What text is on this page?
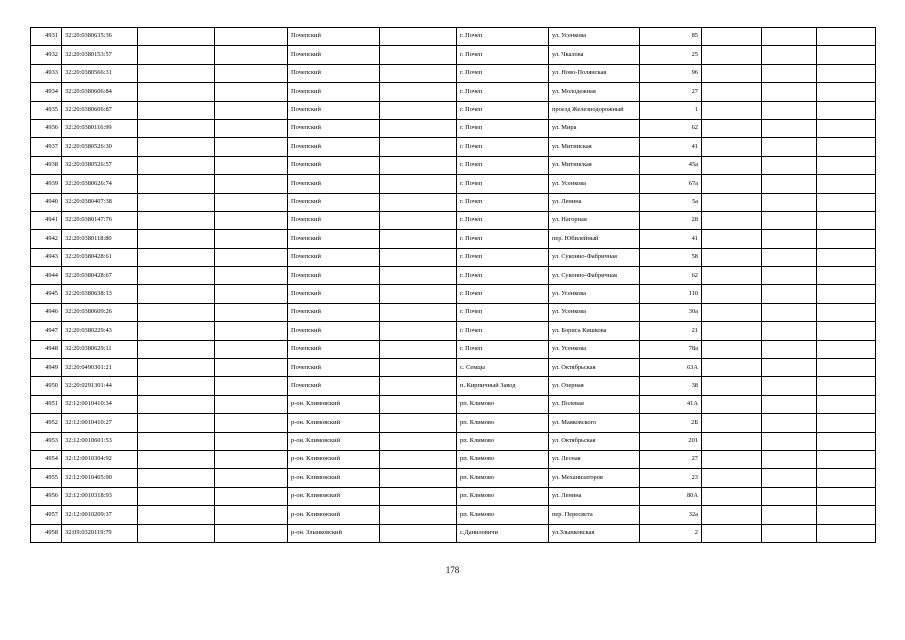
4931	32:20:0380635:36			Почепский		г. Почеп	ул. Усенкова	85			
4932	32:20:0380153:57			Почепский		г. Почеп	ул. Чкалова	25			
4933	32:20:0380566:31			Почепский		г. Почеп	ул. Ново-Полянская	96			
4934	32:20:0380606:84			Почепский		г. Почеп	ул. Молодежная	27			
4935	32:20:0380606:87			Почепский		г. Почеп	проезд Железнодорожный	1			
4936	32:20:0380116:99			Почепский		г. Почеп	ул. Мира	62			
4937	32:20:0380526:30			Почепский		г. Почеп	ул. Митинская	41			
4938	32:20:0380526:57			Почепский		г. Почеп	ул. Митинская	45а			
4939	32:20:0380626:74			Почепский		г. Почеп	ул. Усенкова	67а			
4940	32:20:0380407:38			Почепский		г. Почеп	ул. Ленина	5а			
4941	32:20:0380147:76			Почепский		г. Почеп	ул. Нагорная	28			
4942	32:20:0380118:80			Почепский		г. Почеп	пер. Юбилейный	41			
4943	32:20:0380428:61			Почепский		г. Почеп	ул. Суконно-Фабричная	58			
4944	32:20:0380428:67			Почепский		г. Почеп	ул. Суконно-Фабричная	62			
4945	32:20:0380638:13			Почепский		г. Почеп	ул. Усенкова	110			
4946	32:20:0380609:26			Почепский		г. Почеп	ул. Усенкова	30а			
4947	32:20:0380229:43			Почепский		г. Почеп	ул. Бориса Кишкова	21			
4948	32:20:0380629:11			Почепский		г. Почеп	ул. Усенкова	78а			
4949	32:20:0490301:21			Почепский		с. Семцы	ул. Октябрьская	63А			
4950	32:20:0291301:44			Почепский		п. Кирпичный Завод	ул. Озерная	38			
4951	32:12:0010410:34			р-он. Климовский		рп. Климово	ул. Полевая	41А			
4952	32:12:0010410:27			р-он. Климовский		рп. Климово	ул. Маяковского	2Б			
4953	32:12:0010601:53			р-он. Климовский		рп. Климово	ул. Октябрьская	201			
4954	32:12:0010304:92			р-он. Климовский		рп. Климово	ул. Лесная	27			
4955	32:12:0010405:90			р-он. Климовский		рп. Климово	ул. Механизаторов	23			
4956	32:12:0010318:93			р-он. Климовский		рп. Климово	ул. Ленина	80А			
4957	32:12:0010209:37			р-он. Климовский		рп. Климово	пер. Пересвета	32а			
4958	32:09:0320119:79			р-он. Злынковский		с.Даниловичи	ул.Злынковская	2			
178
